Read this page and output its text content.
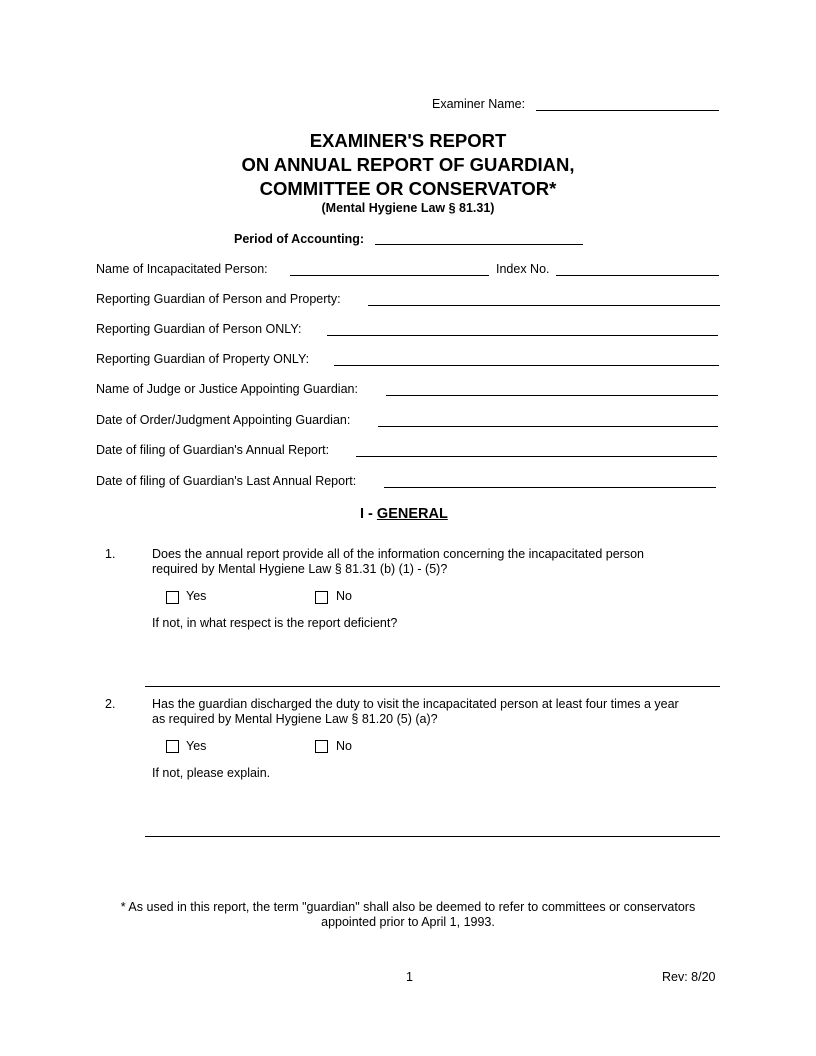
Examiner Name:
EXAMINER'S REPORT
ON ANNUAL REPORT OF GUARDIAN,
COMMITTEE OR CONSERVATOR*
(Mental Hygiene Law § 81.31)
Period of Accounting:
Name of Incapacitated Person:	Index No.
Reporting Guardian of Person and Property:
Reporting Guardian of Person ONLY:
Reporting Guardian of Property ONLY:
Name of Judge or Justice Appointing Guardian:
Date of Order/Judgment Appointing Guardian:
Date of filing of Guardian's Annual Report:
Date of filing of Guardian's Last Annual Report:
I - GENERAL
1.	Does the annual report provide all of the information concerning the incapacitated person
required by Mental Hygiene Law § 81.31 (b) (1) - (5)?
Yes	No
If not, in what respect is the report deficient?
2.	Has the guardian discharged the duty to visit the incapacitated person at least four times a year
as required by Mental Hygiene Law § 81.20 (5) (a)?
Yes	No
If not, please explain.
* As used in this report, the term "guardian" shall also be deemed to refer to committees or conservators
appointed prior to April 1, 1993.
1	Rev: 8/20
